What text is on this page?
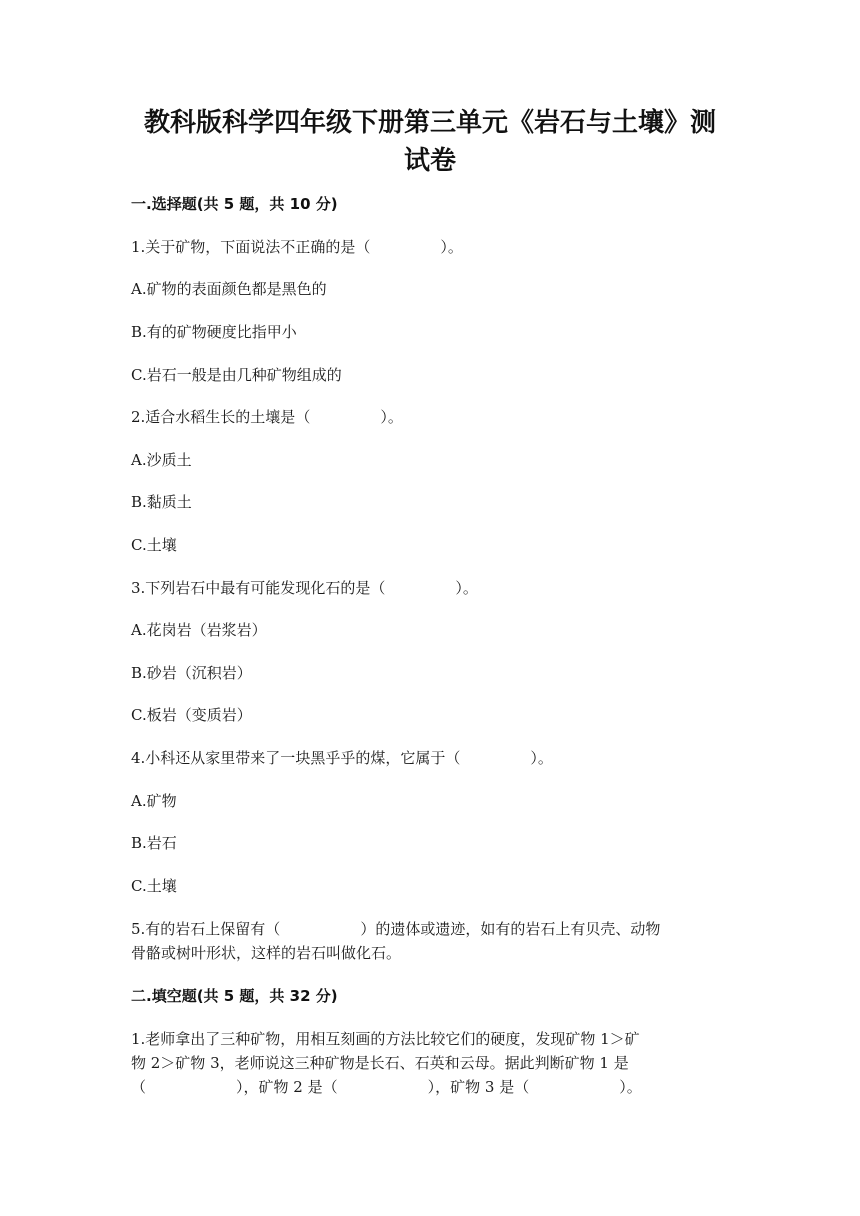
教科版科学四年级下册第三单元《岩石与土壤》测
试卷
一.选择题(共 5 题，共 10 分)
1.关于矿物，下面说法不正确的是（	）。
A.矿物的表面颜色都是黑色的
B.有的矿物硬度比指甲小
C.岩石一般是由几种矿物组成的
2.适合水稻生长的土壤是（	）。
A.沙质土
B.黏质土
C.土壤
3.下列岩石中最有可能发现化石的是（	）。
A.花岗岩（岩浆岩）
B.砂岩（沉积岩）
C.板岩（变质岩）
4.小科还从家里带来了一块黑乎乎的煤，它属于（	）。
A.矿物
B.岩石
C.土壤
5.有的岩石上保留有（	）的遗体或遗迹，如有的岩石上有贝壳、动物
骨骼或树叶形状，这样的岩石叫做化石。
二.填空题(共 5 题，共 32 分)
1.老师拿出了三种矿物，用相互刻画的方法比较它们的硬度，发现矿物 1＞矿
物 2＞矿物 3，老师说这三种矿物是长石、石英和云母。据此判断矿物 1 是
（	），矿物 2 是（	），矿物 3 是（	）。
